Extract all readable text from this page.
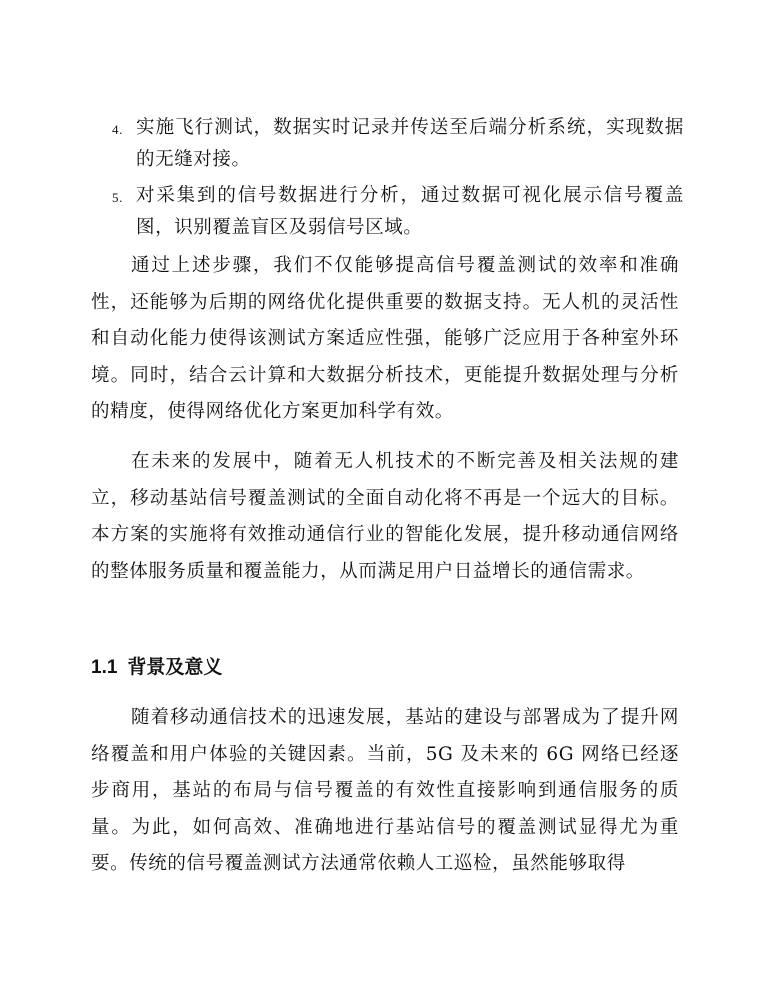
4. 实施飞行测试，数据实时记录并传送至后端分析系统，实现数据的无缝对接。
5. 对采集到的信号数据进行分析，通过数据可视化展示信号覆盖图，识别覆盖盲区及弱信号区域。

通过上述步骤，我们不仅能够提高信号覆盖测试的效率和准确性，还能够为后期的网络优化提供重要的数据支持。无人机的灵活性和自动化能力使得该测试方案适应性强，能够广泛应用于各种室外环境。同时，结合云计算和大数据分析技术，更能提升数据处理与分析的精度，使得网络优化方案更加科学有效。

在未来的发展中，随着无人机技术的不断完善及相关法规的建立，移动基站信号覆盖测试的全面自动化将不再是一个远大的目标。本方案的实施将有效推动通信行业的智能化发展，提升移动通信网络的整体服务质量和覆盖能力，从而满足用户日益增长的通信需求。

1.1 背景及意义

随着移动通信技术的迅速发展，基站的建设与部署成为了提升网络覆盖和用户体验的关键因素。当前，5G 及未来的 6G 网络已经逐步商用，基站的布局与信号覆盖的有效性直接影响到通信服务的质量。为此，如何高效、准确地进行基站信号的覆盖测试显得尤为重要。传统的信号覆盖测试方法通常依赖人工巡检，虽然能够取得
